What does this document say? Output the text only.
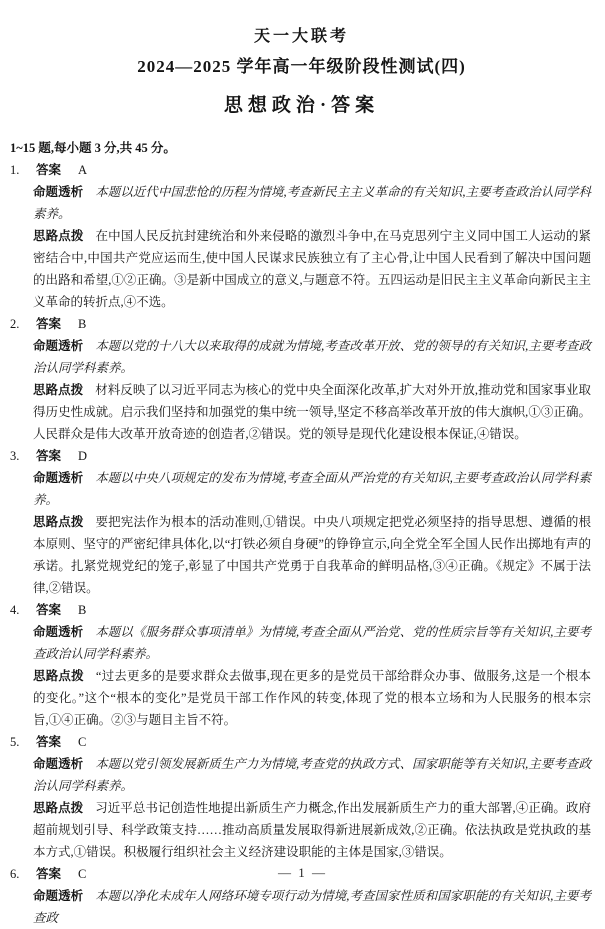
天一大联考
2024—2025 学年高一年级阶段性测试(四)
思想政治·答案

1~15 题,每小题 3 分,共 45 分。

1. 答案 A

命题透析 本题以近代中国悲怆的历程为情境,考查新民主主义革命的有关知识,主要考查政治认同学科素养。

思路点拨 在中国人民反抗封建统治和外来侵略的激烈斗争中,在马克思列宁主义同中国工人运动的紧密结合中,中国共产党应运而生,使中国人民谋求民族独立有了主心骨,让中国人民看到了解决中国问题的出路和希望,①②正确。③是新中国成立的意义,与题意不符。五四运动是旧民主主义革命向新民主主义革命的转折点,④不选。

2. 答案 B

命题透析 本题以党的十八大以来取得的成就为情境,考查改革开放、党的领导的有关知识,主要考查政治认同学科素养。

思路点拨 材料反映了以习近平同志为核心的党中央全面深化改革,扩大对外开放,推动党和国家事业取得历史性成就。启示我们坚持和加强党的集中统一领导,坚定不移高举改革开放的伟大旗帜,①③正确。人民群众是伟大改革开放奇迹的创造者,②错误。党的领导是现代化建设根本保证,④错误。

3. 答案 D

命题透析 本题以中央八项规定的发布为情境,考查全面从严治党的有关知识,主要考查政治认同学科素养。

思路点拨 要把宪法作为根本的活动准则,①错误。中央八项规定把党必须坚持的指导思想、遵循的根本原则、坚守的严密纪律具体化,以“打铁必须自身硬”的铮铮宣示,向全党全军全国人民作出掷地有声的承诺。扎紧党规党纪的笼子,彰显了中国共产党勇于自我革命的鲜明品格,③④正确。《规定》不属于法律,②错误。

4. 答案 B

命题透析 本题以《服务群众事项清单》为情境,考查全面从严治党、党的性质宗旨等有关知识,主要考查政治认同学科素养。

思路点拨 “过去更多的是要求群众去做事,现在更多的是党员干部给群众办事、做服务,这是一个根本的变化。”这个“根本的变化”是党员干部工作作风的转变,体现了党的根本立场和为人民服务的根本宗旨,①④正确。②③与题目主旨不符。

5. 答案 C

命题透析 本题以党引领发展新质生产力为情境,考查党的执政方式、国家职能等有关知识,主要考查政治认同学科素养。

思路点拨 习近平总书记创造性地提出新质生产力概念,作出发展新质生产力的重大部署,④正确。政府超前规划引导、科学政策支持……推动高质量发展取得新进展新成效,②正确。依法执政是党执政的基本方式,①错误。积极履行组织社会主义经济建设职能的主体是国家,③错误。

6. 答案 C

命题透析 本题以净化未成年人网络环境专项行动为情境,考查国家性质和国家职能的有关知识,主要考查政

— 1 —
